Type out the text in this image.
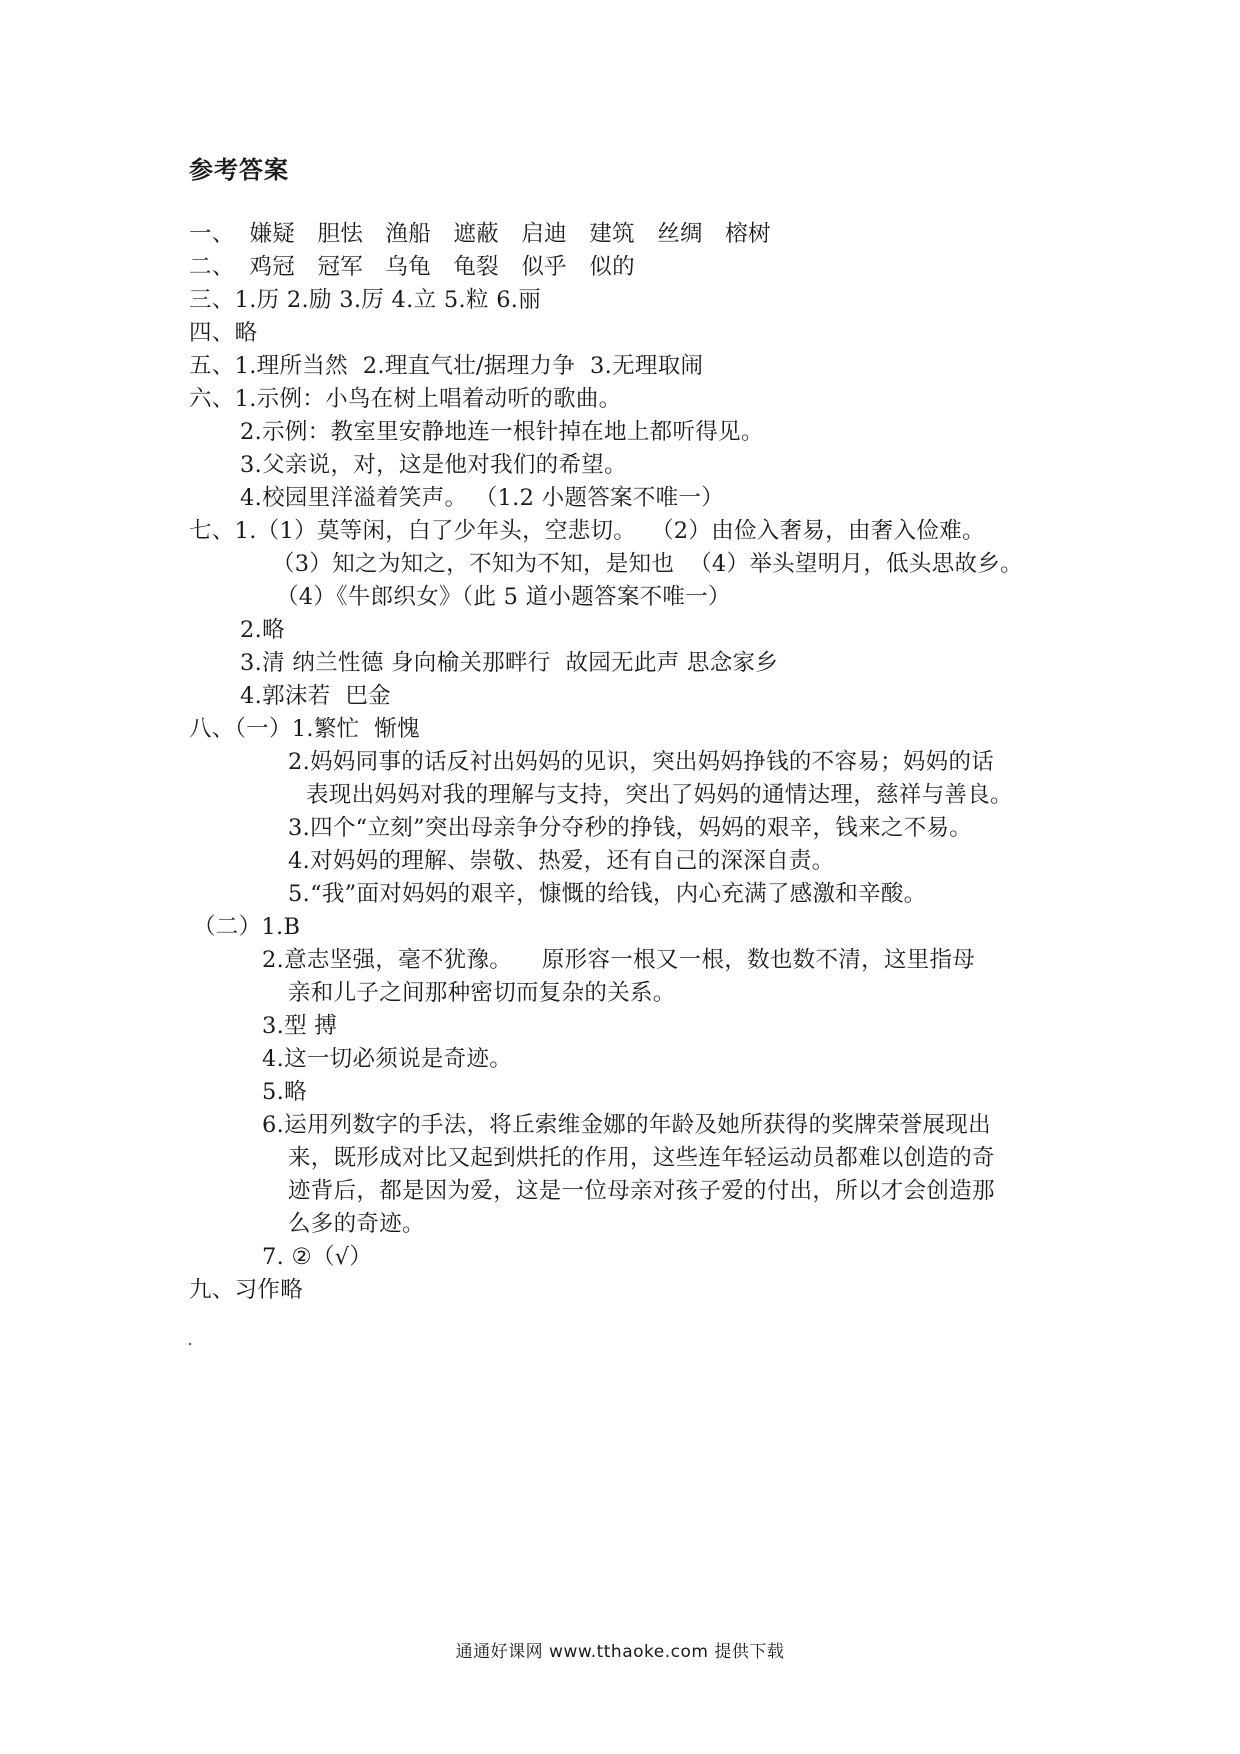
参考答案
一、  嫌疑   胆怯   渔船   遮蔽   启迪   建筑   丝绸   榕树
二、  鸡冠   冠军   乌龟   龟裂   似乎   似的
三、1.历 2.励 3.厉 4.立 5.粒 6.丽
四、略
五、1.理所当然  2.理直气壮/据理力争  3.无理取闹
六、1.示例：小鸟在树上唱着动听的歌曲。
2.示例：教室里安静地连一根针掉在地上都听得见。
3.父亲说，对，这是他对我们的希望。
4.校园里洋溢着笑声。 （1.2 小题答案不唯一）
七、1.（1）莫等闲，白了少年头，空悲切。  （2）由俭入奢易，由奢入俭难。
（3）知之为知之，不知为不知，是知也  （4）举头望明月，低头思故乡。
（4）《牛郎织女》（此 5 道小题答案不唯一）
2.略
3.清 纳兰性德 身向榆关那畔行  故园无此声 思念家乡
4.郭沫若  巴金
八、（一）1.繁忙  惭愧
2.妈妈同事的话反衬出妈妈的见识，突出妈妈挣钱的不容易；妈妈的话
表现出妈妈对我的理解与支持，突出了妈妈的通情达理，慈祥与善良。
3.四个“立刻”突出母亲争分夺秒的挣钱，妈妈的艰辛，钱来之不易。
4.对妈妈的理解、崇敬、热爱，还有自己的深深自责。
5.“我”面对妈妈的艰辛，慷慨的给钱，内心充满了感激和辛酸。
（二）1.B
2.意志坚强，毫不犹豫。    原形容一根又一根，数也数不清，这里指母
亲和儿子之间那种密切而复杂的关系。
3.型 搏
4.这一切必须说是奇迹。
5.略
6.运用列数字的手法，将丘索维金娜的年龄及她所获得的奖牌荣誉展现出
来，既形成对比又起到烘托的作用，这些连年轻运动员都难以创造的奇
迹背后，都是因为爱，这是一位母亲对孩子爱的付出，所以才会创造那
么多的奇迹。
7. ②（√）
九、习作略
通通好课网 www.tthaoke.com 提供下载
